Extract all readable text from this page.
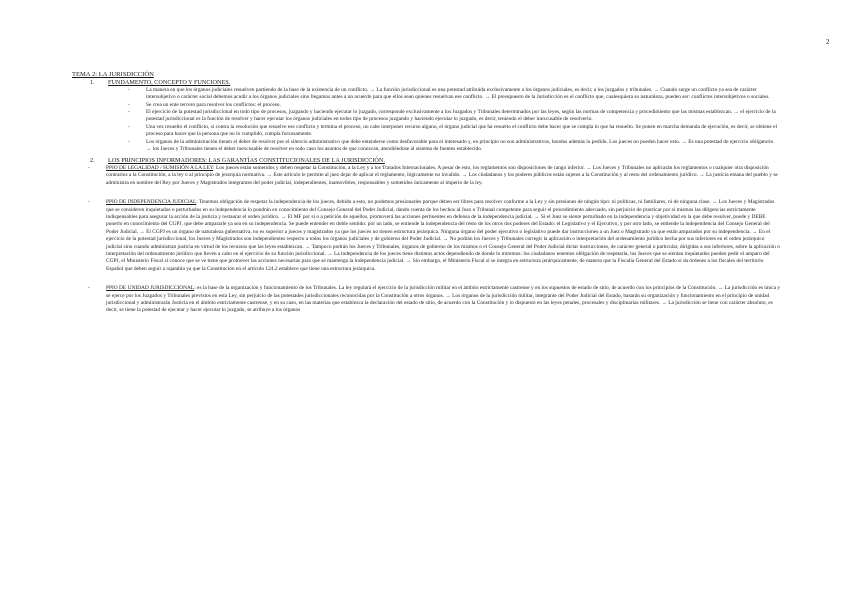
2
TEMA 2: LA JURISDICCIÓN
1. FUNDAMENTO, CONCEPTO Y FUNCIONES.
- La manera en que los órganos judiciales resuelven partiendo de la base de la existencia de un conflicto. → La función jurisdiccional es una potestad atribuida exclusivamente a los órganos judiciales, es decir, a los juzgados y tribunales. → Cuando surge un conflicto ya sea de carácter intersubjetivo o carácter social debemos acudir a los órganos judiciales sino llegamos antes a un acuerdo para que ellos sean quienes resuelvan ese conflicto. → El presupuesto de la Jurisdicción es el conflicto que, cualesquiera su naturaleza, pueden ser: conflictos intersubjetivos o sociales.
- Se crea un ente tercero para resolver los conflictos: el proceso.
- El ejercicio de la potestad jurisdiccional en todo tipo de procesos, juzgando y haciendo ejecutar lo juzgado, corresponde exclusivamente a los Juzgados y Tribunales determinados por las leyes, según las normas de competencia y procedimiento que las mismas establezcan. → el ejercicio de la potestad jurisdiccional es la función de resolver y hacer ejecutar los órganos judiciales en todos tipo de procesos juzgando y haciendo ejecutar lo juzgado, es decir, teniendo el deber inexcusable de resolverlo.
- Una vez resuelto el conflicto, si contra la resolución que resuelve ese conflicto y termina el proceso, no cabe interponer recurso alguno, el órgano judicial que ha resuelto el conflicto debe hacer que se cumpla lo que ha resuelto. Se ponen en marcha demanda de ejecución, es decir, se obtiene el proceso para hacer que la persona que no lo cumplido, cumpla forzosamente.
- Los órganos de la administración tienen el deber de resolver por el silencio administrativo que debe entenderse como desfavorable para el interesado y, en principio no son administrativos, hondos además lo pedido. Los jueces no pueden hacer esto. → Es una potestad de ejercicio obligatorio → los Jueces y Tribunales tienen el deber inexcusable de resolver en todo caso los asuntos de que conozcan, atendiéndose al sistema de fuentes establecido.
2. LOS PRINCIPIOS INFORMADORES: LAS GARANTÍAS CONSTITUCIONALES DE LA JURISDICCIÓN.
- PPIO DE LEGALIDAD / SUMISIÓN A LA LEY: Los jueces están sometidos y deben respetar la Constitución, a la Ley y a los Tratados Internacionales. A pesar de esto, los reglamentos son disposiciones de rango inferior. → Los Jueces y Tribunales no aplicarán los reglamentos o cualquier otra disposición contrarios a la Constitución, a la ley o al principio de jerarquía normativa. → Este artículo le permite al juez dejar de aplicar el reglamento, lógicamente no invalido. → Los ciudadanos y los poderes públicos están sujetos a la Constitución y al resto del ordenamiento jurídico. → La justicia emana del pueblo y se administra en nombre del Rey por Jueces y Magistrados integrantes del poder judicial, independientes, inamovibles, responsables y sometidos únicamente al imperio de la ley.
- PPIO DE INDEPENDENCIA JUDICIAL: Tenemos obligación de respetar la independencia de los jueces, debido a esto, no podemos presionarles porque deben ser libres para resolver conforme a la Ley y sin presiones de ningún tipo: ni políticas, ni familiares, ni de ninguna clase. → Los Jueces y Magistrados que se consideren inquietados o perturbados en su independencia lo pondrán en conocimiento del Consejo General del Poder Judicial, dando cuenta de los hechos al Juez o Tribunal competente para seguir el procedimiento adecuado, sin perjuicio de practicar por sí mismos las diligencias estrictamente indispensables para asegurar la acción de la justicia y restaurar el orden jurídico. → El MF por sí o a petición de aquellos, promoverá las acciones pertinentes en defensa de la independencia judicial. → Si el Juez se siente perturbado en la independencia y objetividad en la que debe resolver, puede y DEBE ponerlo en conocimiento del CGPJ, que debe ampararle ya sea en su independencia. Se puede entender en doble sentido: por un lado, se entiende la independencia del resto de los otros dos poderes del Estado: el Legislativo y el Ejecutivo, y por otro lado, se entiende la independencia del Consejo General del Poder Judicial. → El CGPJ es un órgano de naturaleza gubernativa, no es superior a jueces y magistrados ya que los jueces no tienen estructura jerárquica. Ninguna órgano del poder ejecutivo o legislativo puede dar instrucciones a un Juez o Magistrado ya que están amparados por su independencia. → En el ejercicio de la potestad jurisdiccional, los Jueces y Magistrados son independientes respecto a todos los órganos judiciales y de gobierno del Poder Judicial. → No podrán los Jueces y Tribunales corregir la aplicación o interpretación del ordenamiento jurídico hecha por sus inferiores en el orden jerárquico judicial sino cuando administran justicia en virtud de los recursos que las leyes establezcan. → Tampoco podrán los Jueces y Tribunales, órganos de gobierno de los mismos o el Consejo General del Poder Judicial dictar instrucciones, de carácter general o particular, dirigidas a sus inferiores, sobre la aplicación o interpretación del ordenamiento jurídico que lleven a cabo en el ejercicio de su función jurisdiccional. → La independencia de los jueces tiene distintos actos dependiendo de donde lo miremos: los ciudadanos tenemos obligación de respetarla, los Jueces que se sientan inquietados pueden pedir el amparo del CGPJ, el Ministerio Fiscal sí conoce que se ve tiene que promover las acciones necesarias para que se mantenga la independencia judicial. → Sin embargo, el Ministerio Fiscal sí se integra en estructura jerárquicamente, de manera que la Fiscalía General del Estado sí da órdenes a los fiscales del territorio Español que deben seguir a rajatabla ya que la Constitución en el artículo 124.2 establece que tiene una estructura jerárquica.
- PPIO DE UNIDAD JURISDICCIONAL: es la base de la organización y funcionamiento de los Tribunales. La ley regulará el ejercicio de la jurisdicción militar en el ámbito estrictamente castrense y en los supuestos de estado de sitio, de acuerdo con los principios de la Constitución. → La jurisdicción es única y se ejerce por los Juzgados y Tribunales previstos en esta Ley, sin perjuicio de las potestades jurisdiccionales reconocidas por la Constitución a otros órganos. → Los órganos de la jurisdicción militar, integrante del Poder Judicial del Estado, basarán su organización y funcionamiento en el principio de unidad jurisdiccional y administrarán Justicia en el ámbito estrictamente castrense, y en su caso, en las materias que establezca la declaración del estado de sitio, de acuerdo con la Constitución y lo dispuesto en las leyes penales, procesales y disciplinarias militares. → La jurisdicción se tiene con carácter absoluto, es decir, se tiene la potestad de ejecutar y hacer ejecutar lo juzgado, se atribuye a los órganos
